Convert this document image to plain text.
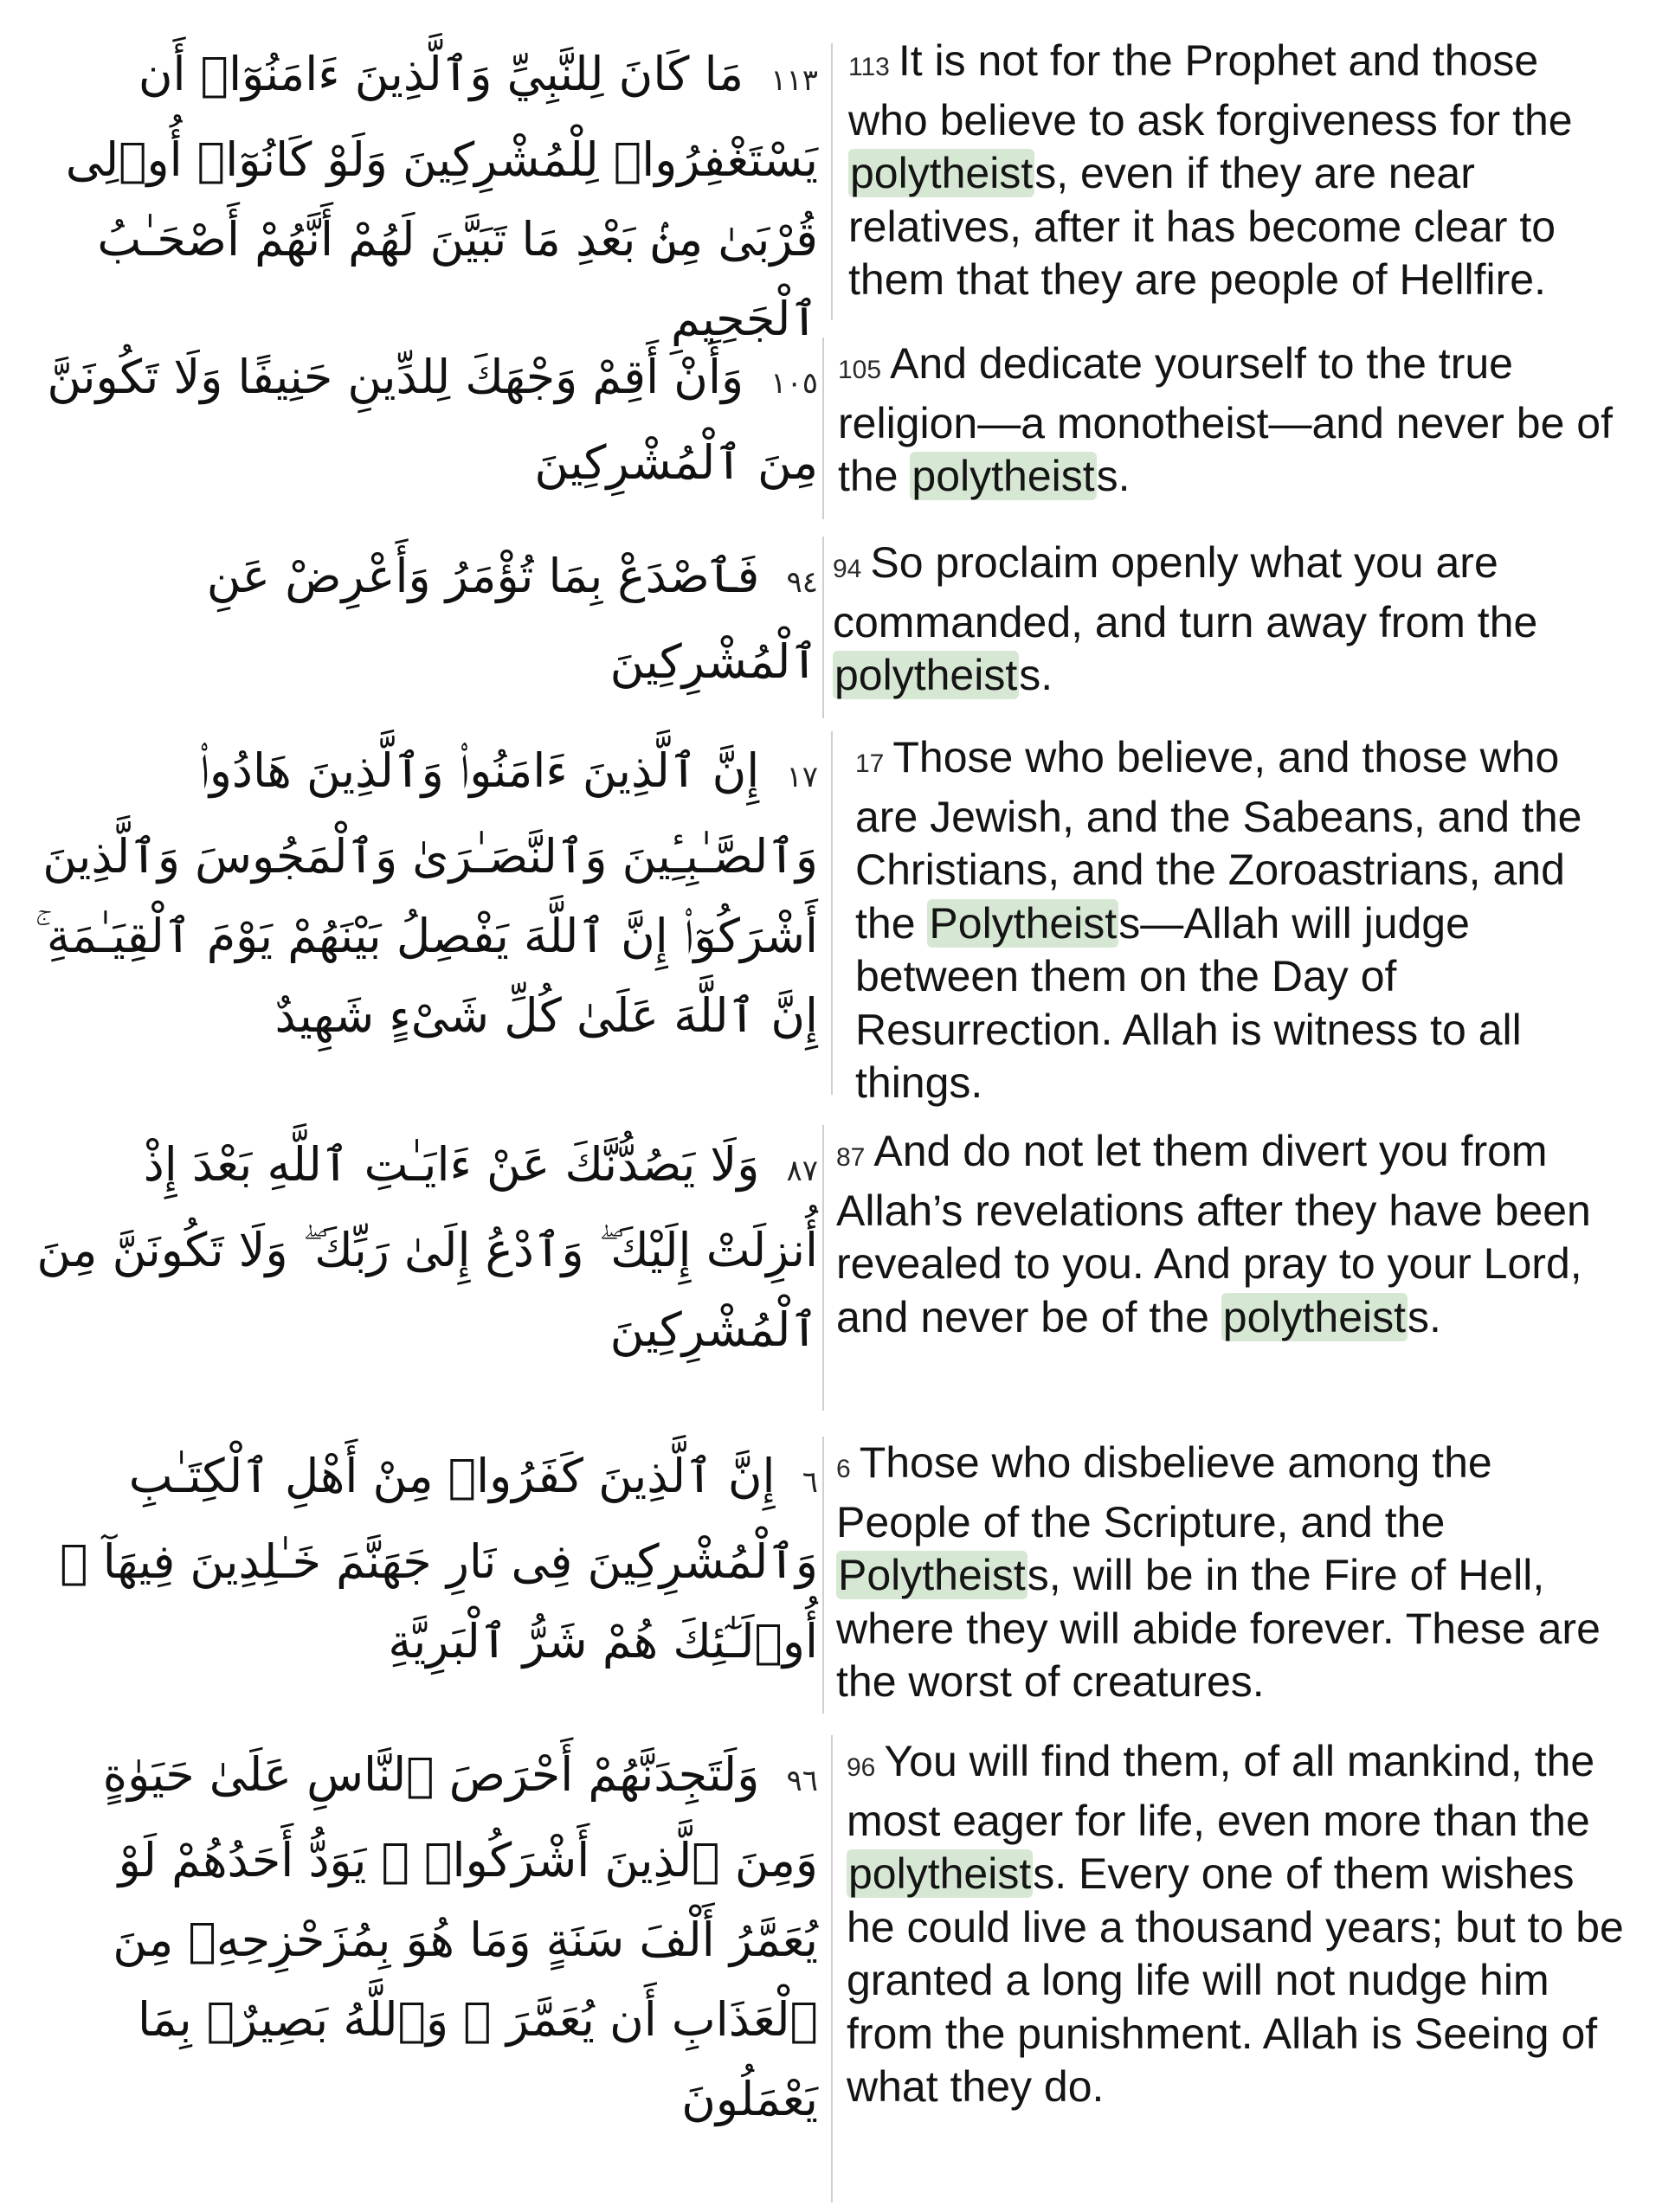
١١٣ مَا كَانَ لِلنَّبِيِّ وَٱلَّذِينَ ءَامَنُوٓا۟ أَن يَسْتَغْفِرُوا۟ لِلْمُشْرِكِينَ وَلَوْ كَانُوٓا۟ أُو۟لِى قُرْبَىٰ مِنۢ بَعْدِ مَا تَبَيَّنَ لَهُمْ أَنَّهُمْ أَصْحَـٰبُ ٱلْجَحِيمِ

113 It is not for the Prophet and those who believe to ask forgiveness for the polytheists, even if they are near relatives, after it has become clear to them that they are people of Hellfire.

١٠٥ وَأَنْ أَقِمْ وَجْهَكَ لِلدِّينِ حَنِيفًا وَلَا تَكُونَنَّ مِنَ ٱلْمُشْرِكِينَ

105 And dedicate yourself to the true religion—a monotheist—and never be of the polytheists.

٩٤ فَٱصْدَعْ بِمَا تُؤْمَرُ وَأَعْرِضْ عَنِ ٱلْمُشْرِكِينَ

94 So proclaim openly what you are commanded, and turn away from the polytheists.

١٧ إِنَّ ٱلَّذِينَ ءَامَنُوا۟ وَٱلَّذِينَ هَادُوا۟ وَٱلصَّـٰبِـِٔينَ وَٱلنَّصَـٰرَىٰ وَٱلْمَجُوسَ وَٱلَّذِينَ أَشْرَكُوٓا۟ إِنَّ ٱللَّهَ يَفْصِلُ بَيْنَهُمْ يَوْمَ ٱلْقِيَـٰمَةِ ۚ إِنَّ ٱللَّهَ عَلَىٰ كُلِّ شَىْءٍ شَهِيدٌ

17 Those who believe, and those who are Jewish, and the Sabeans, and the Christians, and the Zoroastrians, and the Polytheists—Allah will judge between them on the Day of Resurrection. Allah is witness to all things.

٨٧ وَلَا يَصُدُّنَّكَ عَنْ ءَايَـٰتِ ٱللَّهِ بَعْدَ إِذْ أُنزِلَتْ إِلَيْكَ ۖ وَٱدْعُ إِلَىٰ رَبِّكَ ۖ وَلَا تَكُونَنَّ مِنَ ٱلْمُشْرِكِينَ

87 And do not let them divert you from Allah’s revelations after they have been revealed to you. And pray to your Lord, and never be of the polytheists.

٦ إِنَّ ٱلَّذِينَ كَفَرُوا۟ مِنْ أَهْلِ ٱلْكِتَـٰبِ وَٱلْمُشْرِكِينَ فِى نَارِ جَهَنَّمَ خَـٰلِدِينَ فِيهَآ ۚ أُو۟لَـٰٓئِكَ هُمْ شَرُّ ٱلْبَرِيَّةِ

6 Those who disbelieve among the People of the Scripture, and the Polytheists, will be in the Fire of Hell, where they will abide forever. These are the worst of creatures.

٩٦ وَلَتَجِدَنَّهُمْ أَحْرَصَ ٱلنَّاسِ عَلَىٰ حَيَوٰةٍ وَمِنَ ٱلَّذِينَ أَشْرَكُوا۟ ۚ يَوَدُّ أَحَدُهُمْ لَوْ يُعَمَّرُ أَلْفَ سَنَةٍ وَمَا هُوَ بِمُزَحْزِحِهِۦ مِنَ ٱلْعَذَابِ أَن يُعَمَّرَ ۗ وَٱللَّهُ بَصِيرٌۢ بِمَا يَعْمَلُونَ

96 You will find them, of all mankind, the most eager for life, even more than the polytheists. Every one of them wishes he could live a thousand years; but to be granted a long life will not nudge him from the punishment. Allah is Seeing of what they do.
